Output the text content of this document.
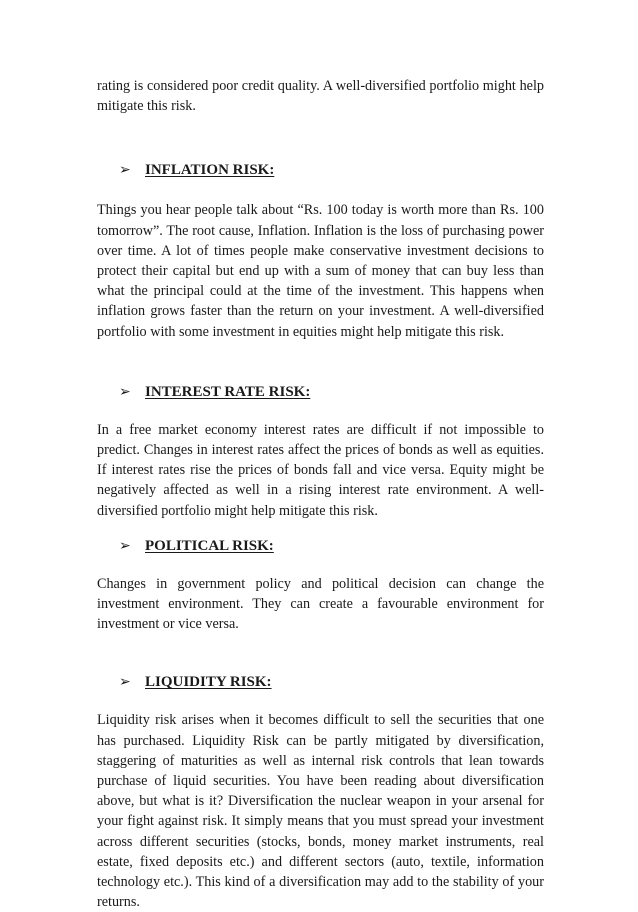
rating is considered poor credit quality. A well-diversified portfolio might help mitigate this risk.

➢ INFLATION RISK:

Things you hear people talk about “Rs. 100 today is worth more than Rs. 100 tomorrow”. The root cause, Inflation. Inflation is the loss of purchasing power over time. A lot of times people make conservative investment decisions to protect their capital but end up with a sum of money that can buy less than what the principal could at the time of the investment. This happens when inflation grows faster than the return on your investment. A well-diversified portfolio with some investment in equities might help mitigate this risk.

➢ INTEREST RATE RISK:

In a free market economy interest rates are difficult if not impossible to predict. Changes in interest rates affect the prices of bonds as well as equities. If interest rates rise the prices of bonds fall and vice versa. Equity might be negatively affected as well in a rising interest rate environment. A well-diversified portfolio might help mitigate this risk.

➢ POLITICAL RISK:

Changes in government policy and political decision can change the investment environment. They can create a favourable environment for investment or vice versa.

➢ LIQUIDITY RISK:

Liquidity risk arises when it becomes difficult to sell the securities that one has purchased. Liquidity Risk can be partly mitigated by diversification, staggering of maturities as well as internal risk controls that lean towards purchase of liquid securities. You have been reading about diversification above, but what is it? Diversification the nuclear weapon in your arsenal for your fight against risk. It simply means that you must spread your investment across different securities (stocks, bonds, money market instruments, real estate, fixed deposits etc.) and different sectors (auto, textile, information technology etc.). This kind of a diversification may add to the stability of your returns.
